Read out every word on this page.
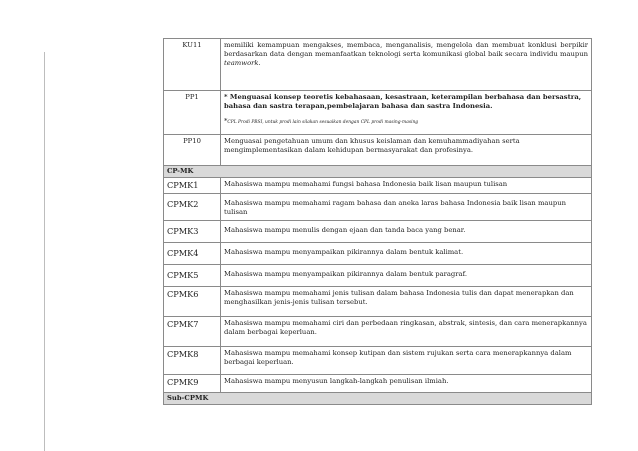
KU11	memiliki kemampuan mengakses, membaca, menganalisis, mengelola dan membuat konklusi berpikir berdasarkan data dengan memanfaatkan teknologi serta komunikasi global baik secara individu maupun teamwork.
PP1	* Menguasai konsep teoretis kebahasaan, kesastraan, keterampilan berbahasa dan bersastra, bahasa dan sastra terapan,pembelajaran bahasa dan sastra Indonesia.
*CPL Prodi PBSI, untuk prodi lain silakan sesuaikan dengan CPL prodi masing-masing

PP10	Menguasai pengetahuan umum dan khusus keislaman dan kemuhammadiyahan serta mengimplementasikan dalam kehidupan bermasyarakat dan profesinya.
CP-MK	
CPMK1	Mahasiswa mampu memahami fungsi bahasa Indonesia baik lisan maupun tulisan
CPMK2	Mahasiswa mampu memahami ragam bahasa dan aneka laras bahasa Indonesia baik lisan maupun tulisan
CPMK3	Mahasiswa mampu menulis dengan ejaan dan tanda baca yang benar.
CPMK4	Mahasiswa mampu menyampaikan pikirannya dalam bentuk kalimat.
CPMK5	Mahasiswa mampu menyampaikan pikirannya dalam bentuk paragraf.
CPMK6	Mahasiswa mampu memahami jenis tulisan dalam bahasa Indonesia tulis dan dapat menerapkan dan menghasilkan jenis-jenis tulisan tersebut.
CPMK7	Mahasiswa mampu memahami ciri dan perbedaan ringkasan, abstrak, sintesis, dan cara menerapkannya dalam berbagai keperluan.
CPMK8	Mahasiswa mampu memahami konsep kutipan dan sistem rujukan serta cara menerapkannya dalam berbagai keperluan.
CPMK9	Mahasiswa mampu menyusun langkah-langkah penulisan ilmiah.
Sub-CPMK	
